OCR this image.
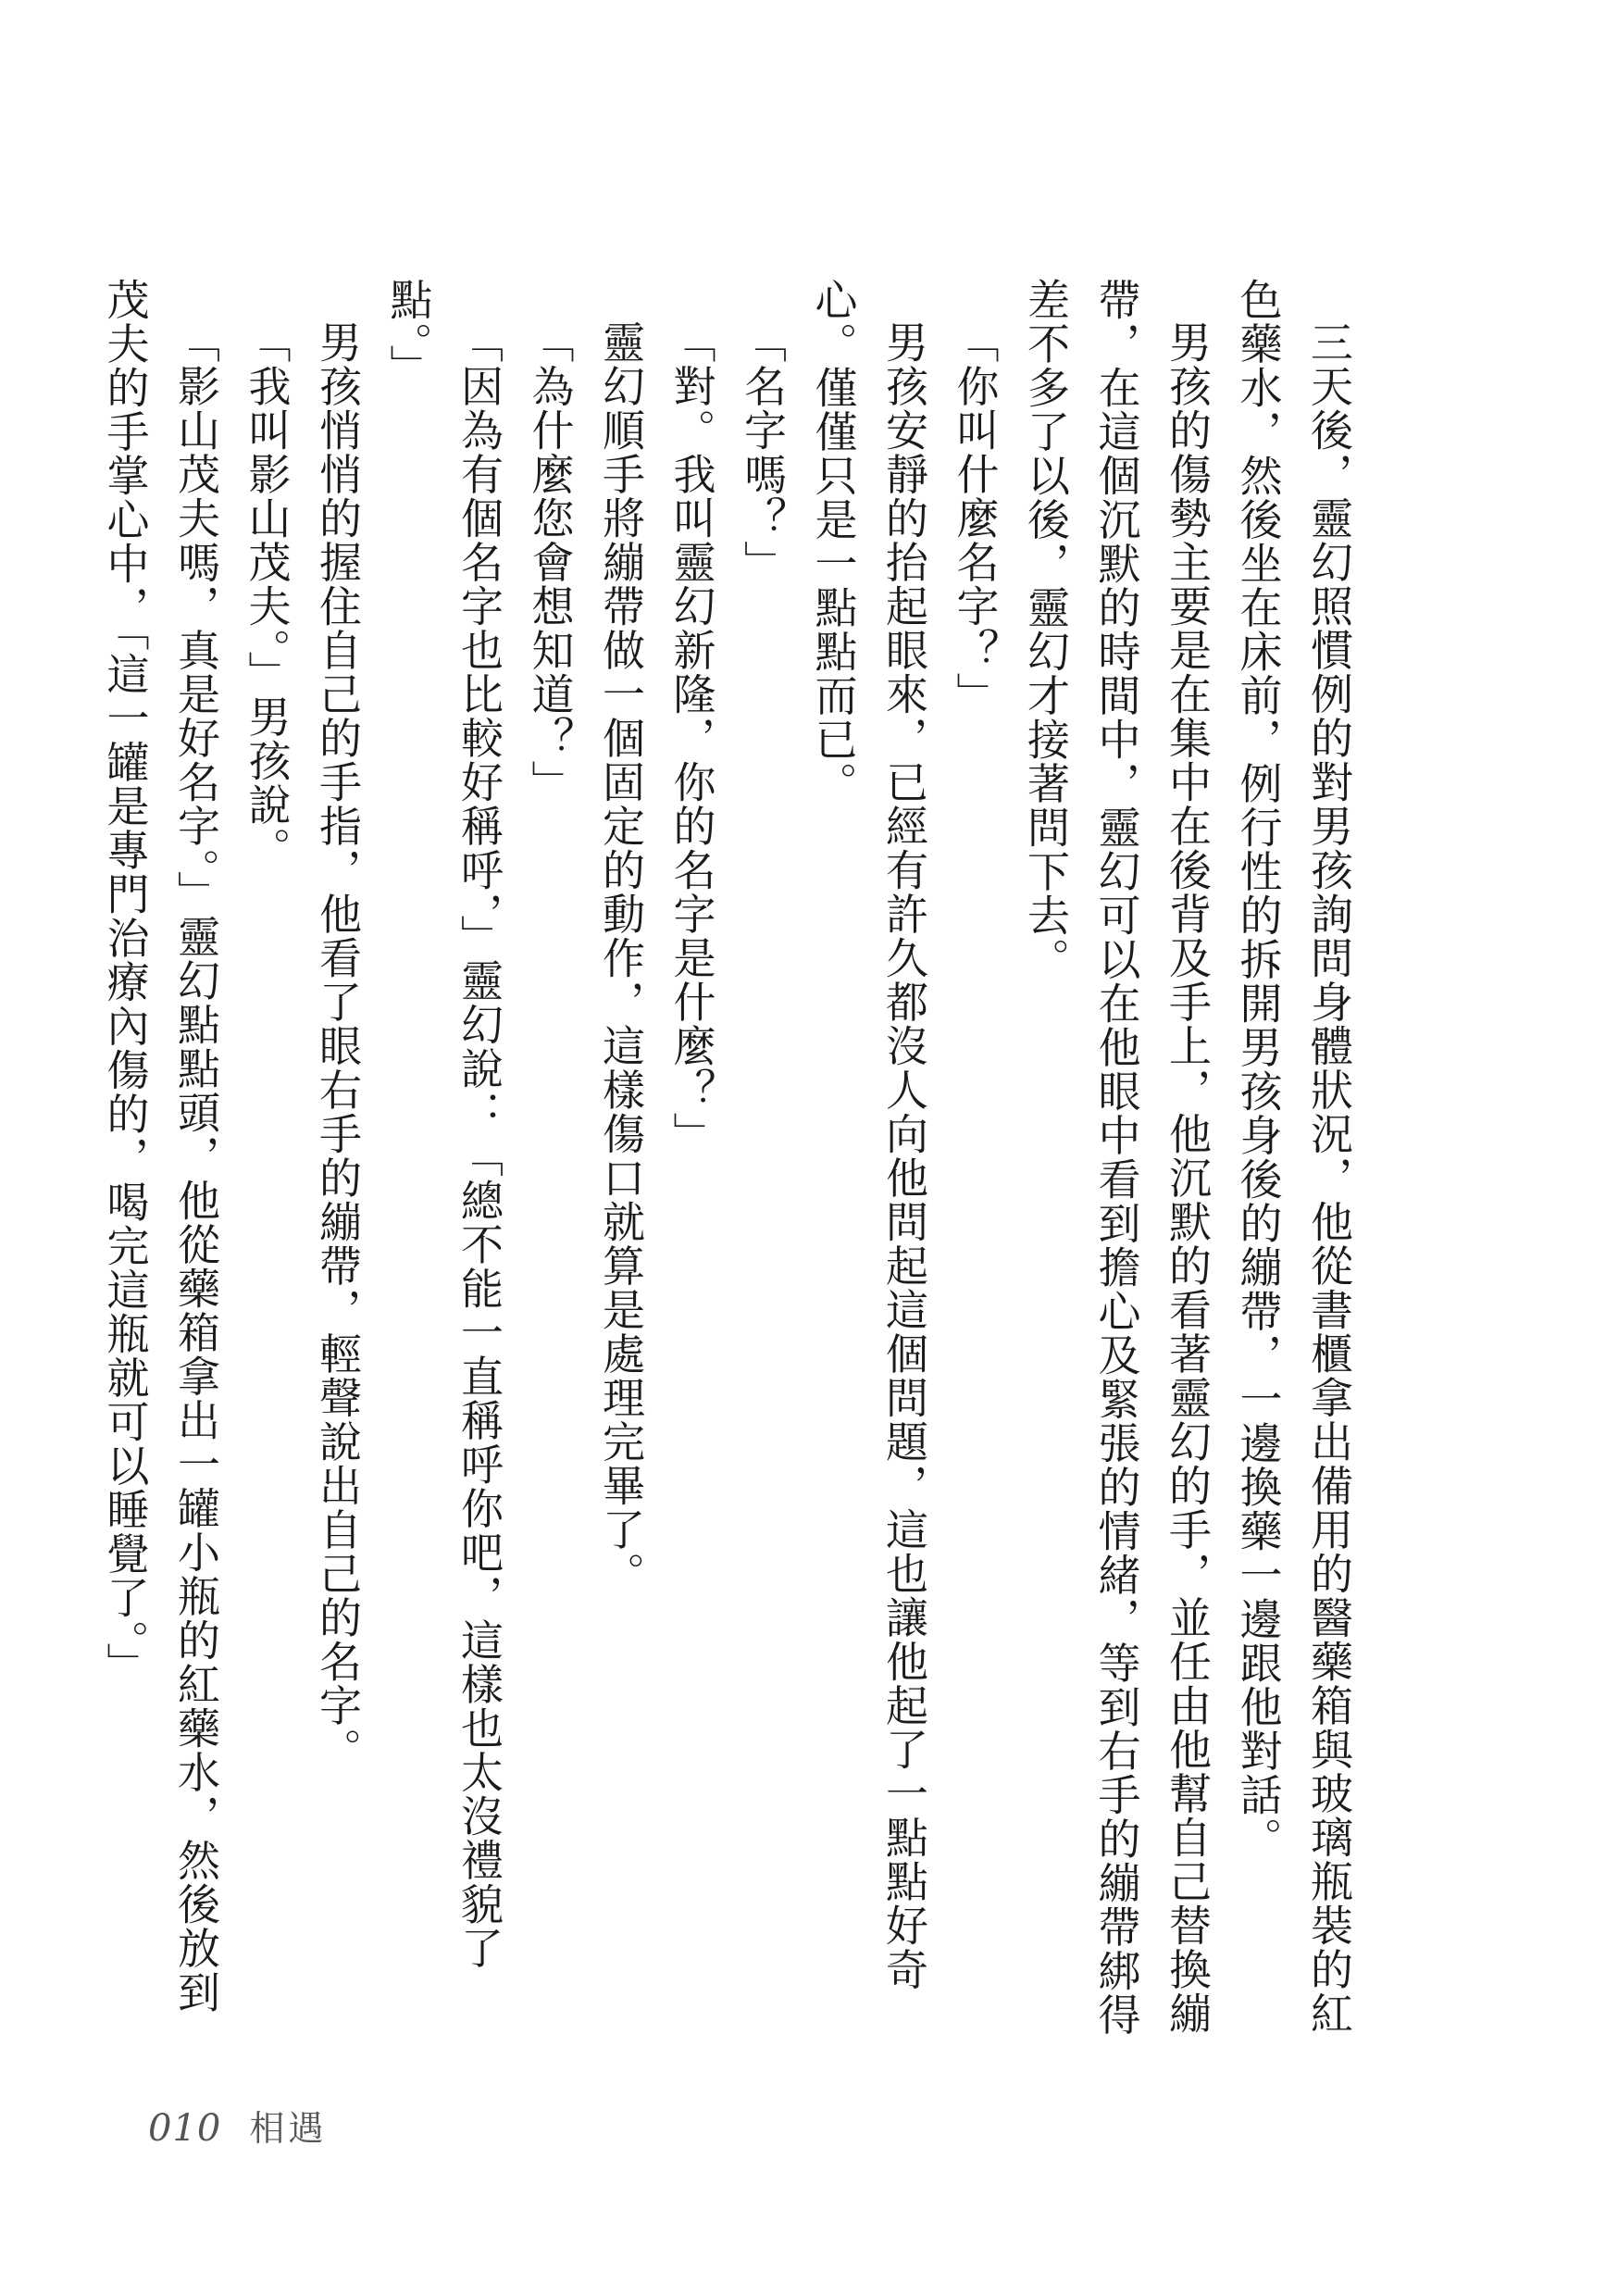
三天後，靈幻照慣例的對男孩詢問身體狀況，他從書櫃拿出備用的醫藥箱與玻璃瓶裝的紅色藥水，然後坐在床前，例行性的拆開男孩身後的繃帶，一邊換藥一邊跟他對話。

男孩的傷勢主要是在集中在後背及手上，他沉默的看著靈幻的手，並任由他幫自己替換繃帶，在這個沉默的時間中，靈幻可以在他眼中看到擔心及緊張的情緒，等到右手的繃帶綁得差不多了以後，靈幻才接著問下去。

「你叫什麼名字？」

男孩安靜的抬起眼來，已經有許久都沒人向他問起這個問題，這也讓他起了一點點好奇心。僅僅只是一點點而已。

「名字嗎？」

「對。我叫靈幻新隆，你的名字是什麼？」

靈幻順手將繃帶做一個固定的動作，這樣傷口就算是處理完畢了。

「為什麼您會想知道？」

「因為有個名字也比較好稱呼，」靈幻說：「總不能一直稱呼你吧，這樣也太沒禮貌了點。」

男孩悄悄的握住自己的手指，他看了眼右手的繃帶，輕聲說出自己的名字。

「我叫影山茂夫。」男孩說。

「影山茂夫嗎，真是好名字。」靈幻點點頭，他從藥箱拿出一罐小瓶的紅藥水，然後放到茂夫的手掌心中，「這一罐是專門治療內傷的，喝完這瓶就可以睡覺了。」

010 相遇
